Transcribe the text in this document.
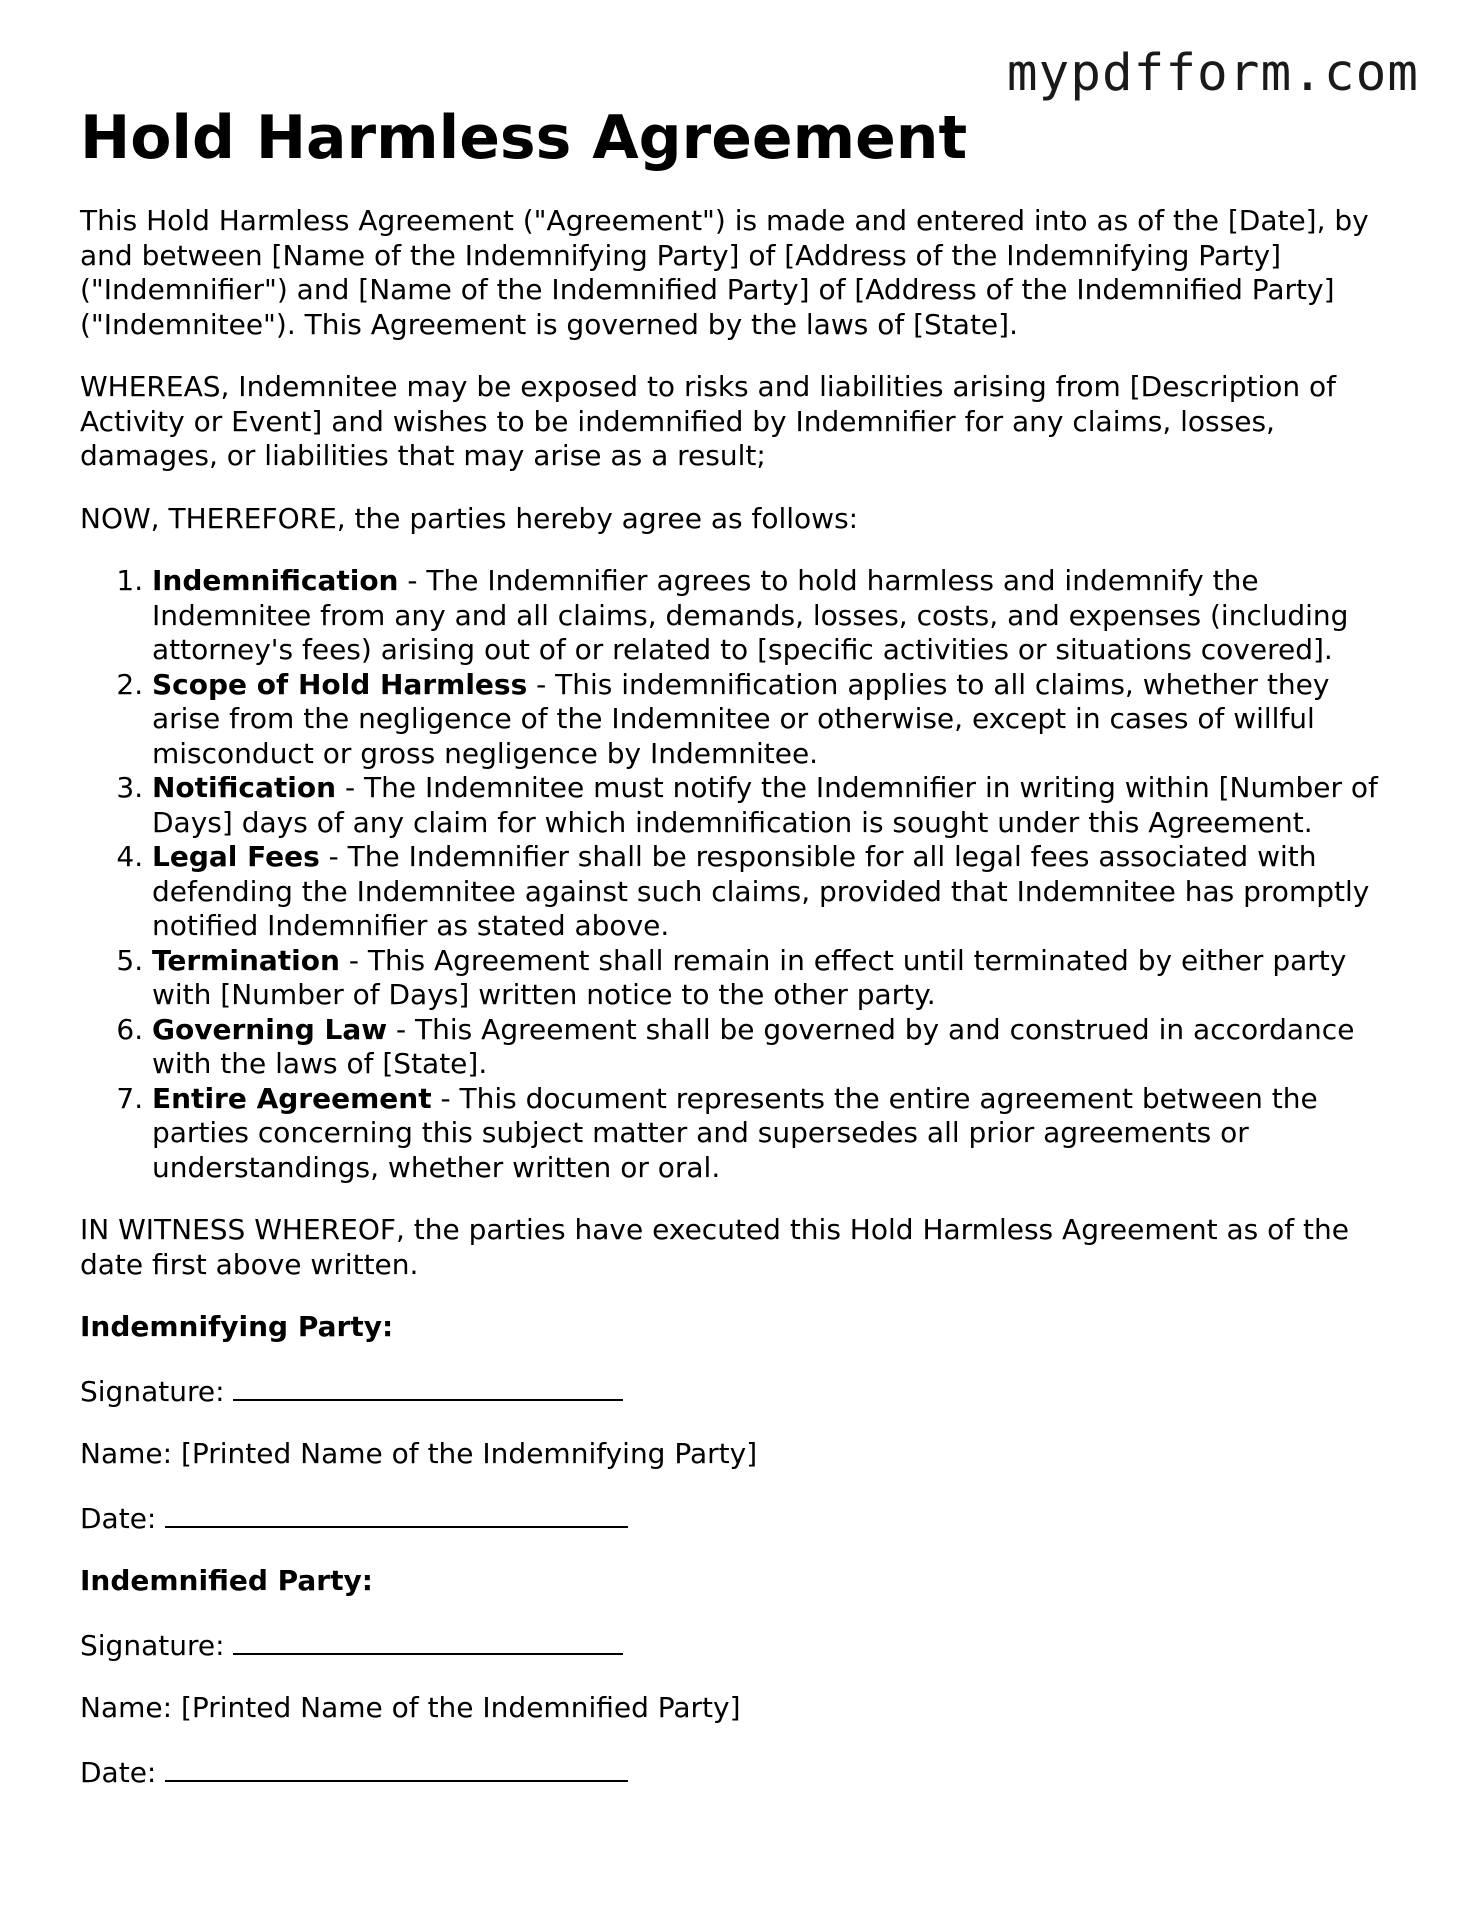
mypdfform.com
Hold Harmless Agreement

This Hold Harmless Agreement ("Agreement") is made and entered into as of the [Date], by and between [Name of the Indemnifying Party] of [Address of the Indemnifying Party] ("Indemnifier") and [Name of the Indemnified Party] of [Address of the Indemnified Party] ("Indemnitee"). This Agreement is governed by the laws of [State].

WHEREAS, Indemnitee may be exposed to risks and liabilities arising from [Description of Activity or Event] and wishes to be indemnified by Indemnifier for any claims, losses, damages, or liabilities that may arise as a result;

NOW, THEREFORE, the parties hereby agree as follows:

1. Indemnification - The Indemnifier agrees to hold harmless and indemnify the Indemnitee from any and all claims, demands, losses, costs, and expenses (including attorney's fees) arising out of or related to [specific activities or situations covered].
2. Scope of Hold Harmless - This indemnification applies to all claims, whether they arise from the negligence of the Indemnitee or otherwise, except in cases of willful misconduct or gross negligence by Indemnitee.
3. Notification - The Indemnitee must notify the Indemnifier in writing within [Number of Days] days of any claim for which indemnification is sought under this Agreement.
4. Legal Fees - The Indemnifier shall be responsible for all legal fees associated with defending the Indemnitee against such claims, provided that Indemnitee has promptly notified Indemnifier as stated above.
5. Termination - This Agreement shall remain in effect until terminated by either party with [Number of Days] written notice to the other party.
6. Governing Law - This Agreement shall be governed by and construed in accordance with the laws of [State].
7. Entire Agreement - This document represents the entire agreement between the parties concerning this subject matter and supersedes all prior agreements or understandings, whether written or oral.

IN WITNESS WHEREOF, the parties have executed this Hold Harmless Agreement as of the date first above written.

Indemnifying Party:
Signature:
Name: [Printed Name of the Indemnifying Party]
Date:
Indemnified Party:
Signature:
Name: [Printed Name of the Indemnified Party]
Date:
